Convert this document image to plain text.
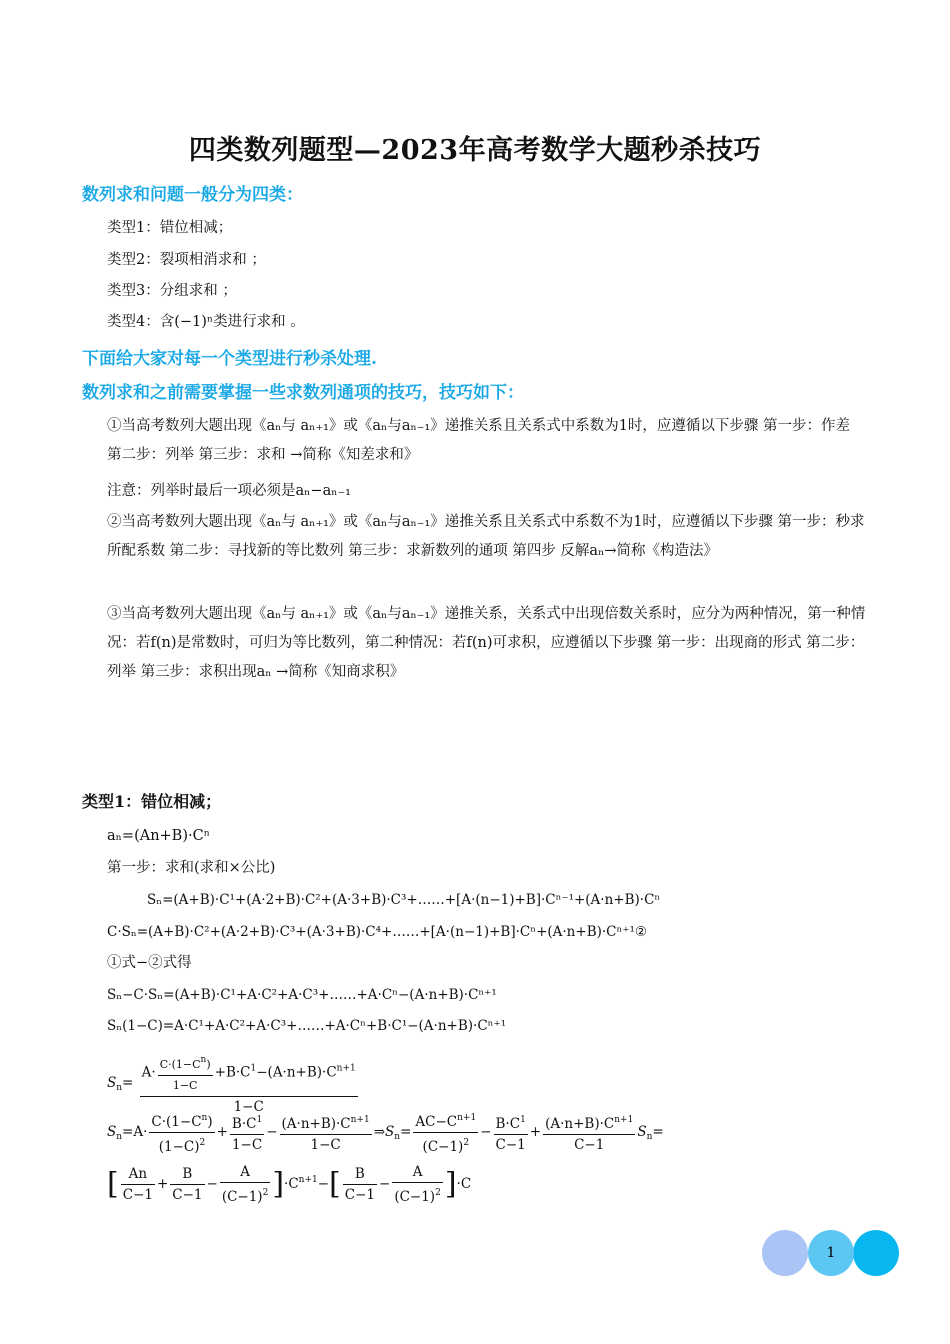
四类数列题型—2023年高考数学大题秒杀技巧
数列求和问题一般分为四类：
类型1：错位相减；
类型2：裂项相消求和 ；
类型3：分组求和 ；
类型4：含(−1)ⁿ类进行求和 。
下面给大家对每一个类型进行秒杀处理.
数列求和之前需要掌握一些求数列通项的技巧，技巧如下：
①当高考数列大题出现《aₙ与 aₙ₊₁》或《aₙ与aₙ₋₁》递推关系且关系式中系数为1时，应遵循以下步骤 第一步：作差 第二步：列举 第三步：求和 →简称《知差求和》
注意：列举时最后一项必须是aₙ−aₙ₋₁
②当高考数列大题出现《aₙ与 aₙ₊₁》或《aₙ与aₙ₋₁》递推关系且关系式中系数不为1时，应遵循以下步骤 第一步：秒求所配系数 第二步：寻找新的等比数列 第三步：求新数列的通项 第四步 反解aₙ→简称《构造法》
③当高考数列大题出现《aₙ与 aₙ₊₁》或《aₙ与aₙ₋₁》递推关系，关系式中出现倍数关系时，应分为两种情况，第一种情况：若f(n)是常数时，可归为等比数列，第二种情况：若f(n)可求积，应遵循以下步骤 第一步：出现商的形式 第二步：列举 第三步：求积出现aₙ →简称《知商求积》
类型1：错位相减；
aₙ=(An+B)·Cⁿ
第一步：求和(求和×公比)
Sₙ=(A+B)·C¹+(A·2+B)·C²+(A·3+B)·C³+……+[A·(n−1)+B]·Cⁿ⁻¹+(A·n+B)·Cⁿ
C·Sₙ=(A+B)·C²+(A·2+B)·C³+(A·3+B)·C⁴+……+[A·(n−1)+B]·Cⁿ+(A·n+B)·Cⁿ⁺¹②
①式−②式得
Sₙ−C·Sₙ=(A+B)·C¹+A·C²+A·C³+……+A·Cⁿ−(A·n+B)·Cⁿ⁺¹
Sₙ(1−C)=A·C¹+A·C²+A·C³+……+A·Cⁿ+B·C¹−(A·n+B)·Cⁿ⁺¹
$S_n= \frac{A\cdot \frac{C\cdot(1-C^n)}{1-C} +B\cdot C^1-(A\cdot n+B)\cdot C^{n+1}}{1-C}$
$S_n=A\cdot \frac{C\cdot(1-C^n)}{(1-C)^2} + \frac{B\cdot C^1}{1-C} - \frac{(A\cdot n+B)\cdot C^{n+1}}{1-C}$ $\Rightarrow S_n= \frac{AC-C^{n+1}}{(C-1)^2} - \frac{B\cdot C^1}{C-1} + \frac{(A\cdot n+B)\cdot C^{n+1}}{C-1} S_n=$
[ $\frac{An}{C-1} + \frac{B}{C-1} - \frac{A}{(C-1)^2} ]\cdot C^{n+1}-[ \frac{B}{C-1} - \frac{A}{(C-1)^2} ]\cdot C$
1
